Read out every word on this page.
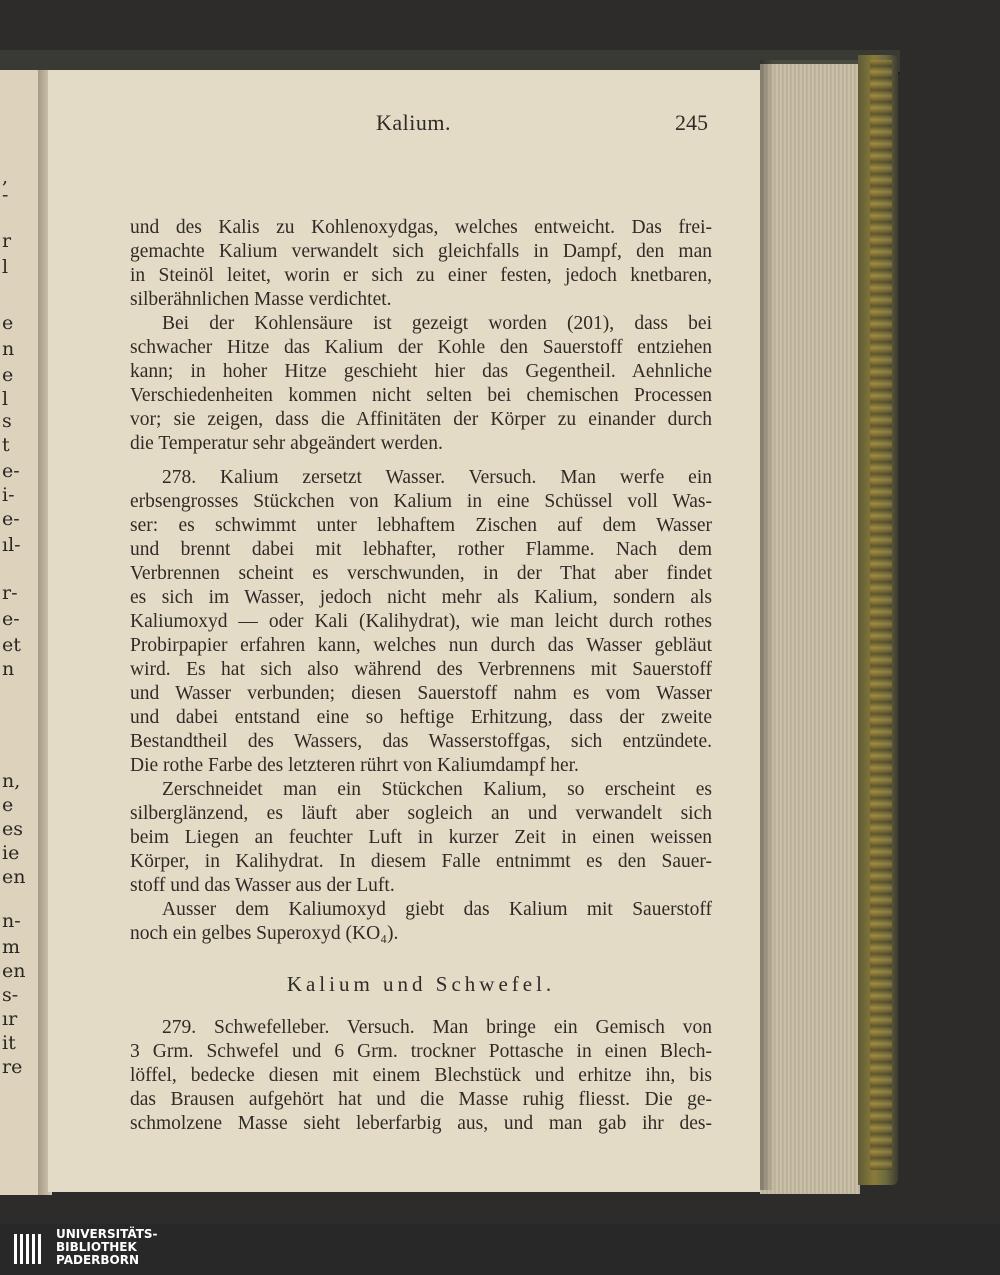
,
-
r
l
e
n
e
l
s
t
e-
i-
e-
ıl-
r-
e-
et
n
n,
e
es
ie
en
n-
m
en
s-
ır
it
re
Kalium.	245
und des Kalis zu Kohlenoxydgas, welches entweicht. Das frei-
gemachte Kalium verwandelt sich gleichfalls in Dampf, den man
in Steinöl leitet, worin er sich zu einer festen, jedoch knetbaren,
silberähnlichen Masse verdichtet.
Bei der Kohlensäure ist gezeigt worden (201), dass bei
schwacher Hitze das Kalium der Kohle den Sauerstoff entziehen
kann; in hoher Hitze geschieht hier das Gegentheil. Aehnliche
Verschiedenheiten kommen nicht selten bei chemischen Processen
vor; sie zeigen, dass die Affinitäten der Körper zu einander durch
die Temperatur sehr abgeändert werden.
278. Kalium zersetzt Wasser. Versuch. Man werfe ein
erbsengrosses Stückchen von Kalium in eine Schüssel voll Was-
ser: es schwimmt unter lebhaftem Zischen auf dem Wasser
und brennt dabei mit lebhafter, rother Flamme. Nach dem
Verbrennen scheint es verschwunden, in der That aber findet
es sich im Wasser, jedoch nicht mehr als Kalium, sondern als
Kaliumoxyd — oder Kali (Kalihydrat), wie man leicht durch rothes
Probirpapier erfahren kann, welches nun durch das Wasser gebläut
wird. Es hat sich also während des Verbrennens mit Sauerstoff
und Wasser verbunden; diesen Sauerstoff nahm es vom Wasser
und dabei entstand eine so heftige Erhitzung, dass der zweite
Bestandtheil des Wassers, das Wasserstoffgas, sich entzündete.
Die rothe Farbe des letzteren rührt von Kaliumdampf her.
Zerschneidet man ein Stückchen Kalium, so erscheint es
silberglänzend, es läuft aber sogleich an und verwandelt sich
beim Liegen an feuchter Luft in kurzer Zeit in einen weissen
Körper, in Kalihydrat. In diesem Falle entnimmt es den Sauer-
stoff und das Wasser aus der Luft.
Ausser dem Kaliumoxyd giebt das Kalium mit Sauerstoff
noch ein gelbes Superoxyd (KO₄).
Kalium und Schwefel.
279. Schwefelleber. Versuch. Man bringe ein Gemisch von
3 Grm. Schwefel und 6 Grm. trockner Pottasche in einen Blech-
löffel, bedecke diesen mit einem Blechstück und erhitze ihn, bis
das Brausen aufgehört hat und die Masse ruhig fliesst. Die ge-
schmolzene Masse sieht leberfarbig aus, und man gab ihr des-
UNIVERSITÄTS-
BIBLIOTHEK
PADERBORN
